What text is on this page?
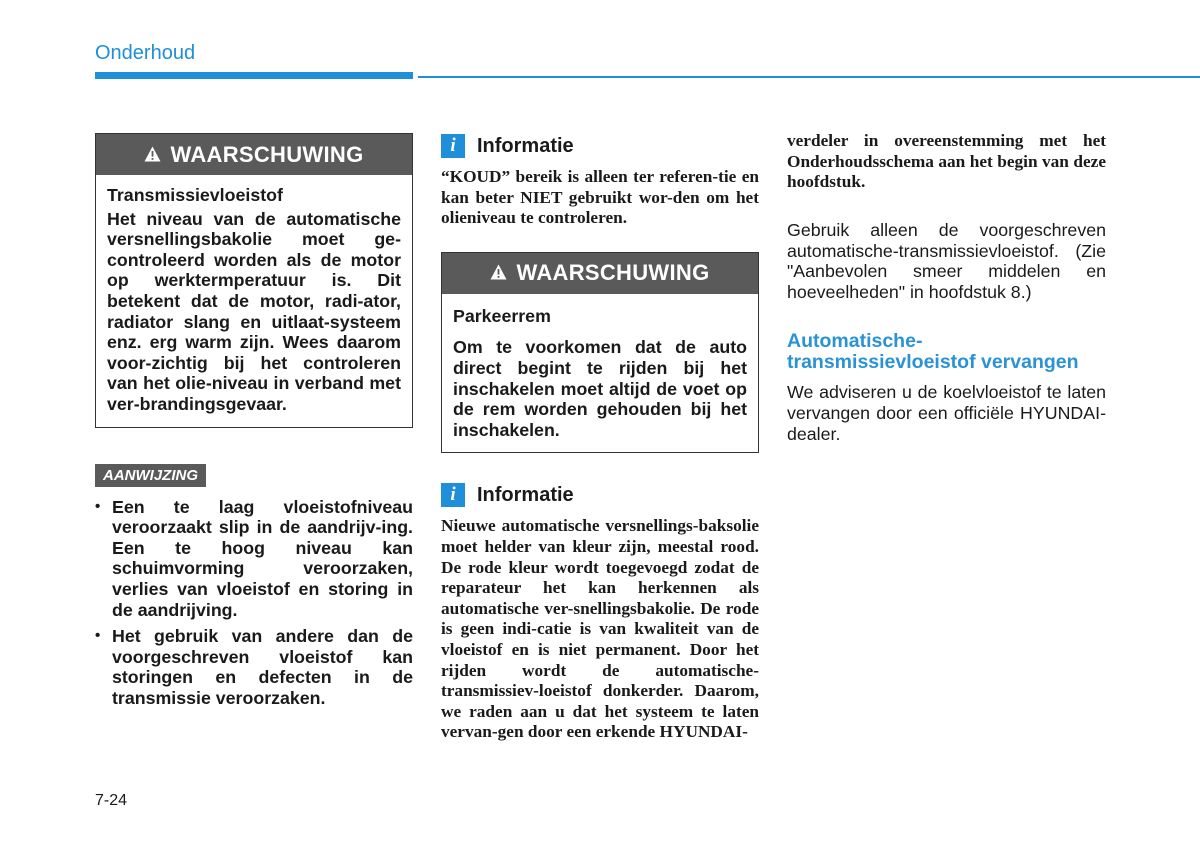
Onderhoud
WAARSCHUWING
Transmissievloeistof
Het niveau van de automatische versnellingsbakolie moet ge-controleerd worden als de motor op werktermperatuur is. Dit betekent dat de motor, radi-ator, radiator slang en uitlaat-systeem enz. erg warm zijn. Wees daarom voor-zichtig bij het controleren van het olie-niveau in verband met ver-brandingsgevaar.
AANWIJZING
• Een te laag vloeistofniveau veroorzaakt slip in de aandrijv-ing. Een te hoog niveau kan schuimvorming veroorzaken, verlies van vloeistof en storing in de aandrijving.
• Het gebruik van andere dan de voorgeschreven vloeistof kan storingen en defecten in de transmissie veroorzaken.
i	Informatie
“KOUD” bereik is alleen ter referen-tie en kan beter NIET gebruikt wor-den om het olieniveau te controleren.
WAARSCHUWING
Parkeerrem
Om te voorkomen dat de auto direct begint te rijden bij het inschakelen moet altijd de voet op de rem worden gehouden bij het inschakelen.
i	Informatie
Nieuwe automatische versnellings-baksolie moet helder van kleur zijn, meestal rood. De rode kleur wordt toegevoegd zodat de reparateur het kan herkennen als automatische ver-snellingsbakolie. De rode is geen indi-catie is van kwaliteit van de vloeistof en is niet permanent. Door het rijden wordt de automatische-transmissiev-loeistof donkerder. Daarom, we raden aan u dat het systeem te laten vervan-gen door een erkende HYUNDAI-
verdeler in overeenstemming met het Onderhoudsschema aan het begin van deze hoofdstuk.
Gebruik alleen de voorgeschreven automatische-transmissievloeistof. (Zie "Aanbevolen smeer middelen en hoeveelheden" in hoofdstuk 8.)
Automatische-transmissievloeistof vervangen
We adviseren u de koelvloeistof te laten vervangen door een officiële HYUNDAI-dealer.
7-24
